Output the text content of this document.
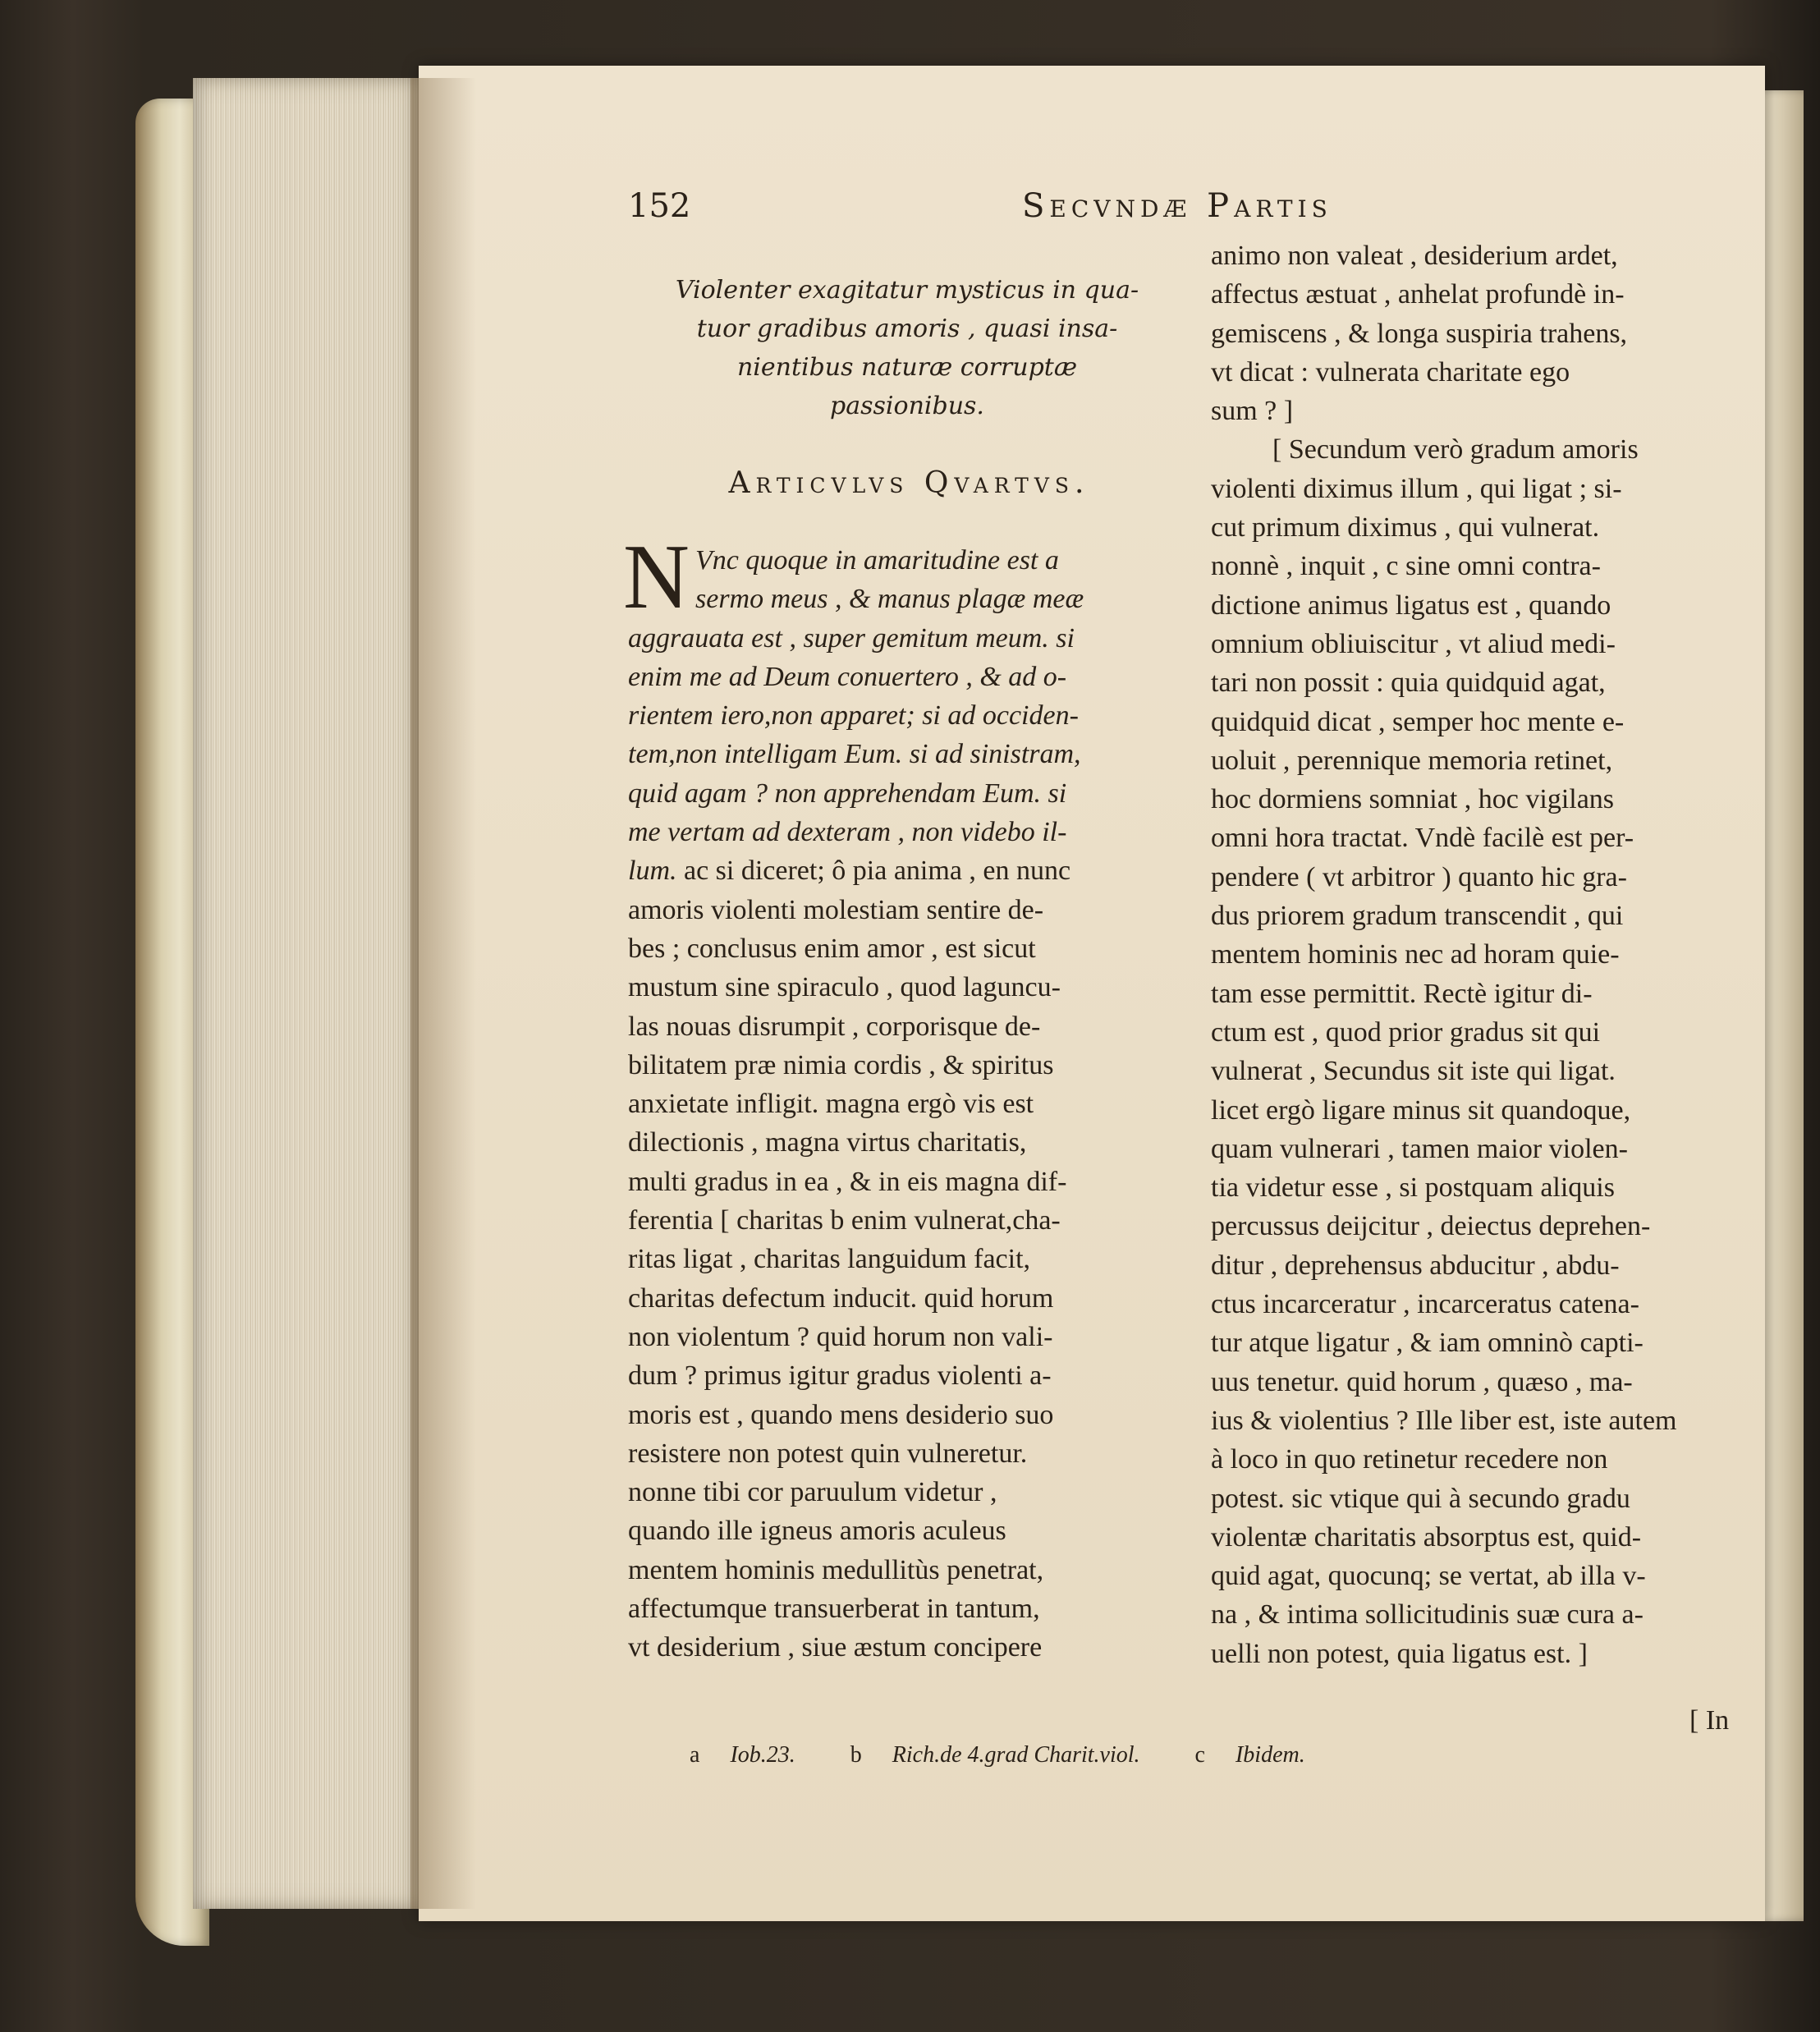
152	Secvndæ Partis
Violenter exagitatur mysticus in qua-
tuor gradibus amoris , quasi insa-
nientibus naturæ corruptæ
passionibus.
Articvlvs Qvartvs.
N Vnc quoque in amaritudine est a
sermo meus , & manus plagæ meæ
aggrauata est , super gemitum meum. si
enim me ad Deum conuertero , & ad o-
rientem iero,non apparet; si ad occiden-
tem,non intelligam Eum. si ad sinistram,
quid agam ? non apprehendam Eum. si
me vertam ad dexteram , non videbo il-
lum. ac si diceret; ô pia anima , en nunc
amoris violenti molestiam sentire de-
bes ; conclusus enim amor , est sicut
mustum sine spiraculo , quod laguncu-
las nouas disrumpit , corporisque de-
bilitatem præ nimia cordis , & spiritus
anxietate infligit. magna ergò vis est
dilectionis , magna virtus charitatis,
multi gradus in ea , & in eis magna dif-
ferentia [ charitas b enim vulnerat,cha-
ritas ligat , charitas languidum facit,
charitas defectum inducit. quid horum
non violentum ? quid horum non vali-
dum ? primus igitur gradus violenti a-
moris est , quando mens desiderio suo
resistere non potest quin vulneretur.
nonne tibi cor paruulum videtur ,
quando ille igneus amoris aculeus
mentem hominis medullitùs penetrat,
affectumque transuerberat in tantum,
vt desiderium , siue æstum concipere
animo non valeat , desiderium ardet,
affectus æstuat , anhelat profundè in-
gemiscens , & longa suspiria trahens,
vt dicat : vulnerata charitate ego
sum ? ]
[ Secundum verò gradum amoris
violenti diximus illum , qui ligat ; si-
cut primum diximus , qui vulnerat.
nonnè , inquit , c sine omni contra-
dictione animus ligatus est , quando
omnium obliuiscitur , vt aliud medi-
tari non possit : quia quidquid agat,
quidquid dicat , semper hoc mente e-
uoluit , perennique memoria retinet,
hoc dormiens somniat , hoc vigilans
omni hora tractat. Vndè facilè est per-
pendere ( vt arbitror ) quanto hic gra-
dus priorem gradum transcendit , qui
mentem hominis nec ad horam quie-
tam esse permittit. Rectè igitur di-
ctum est , quod prior gradus sit qui
vulnerat , Secundus sit iste qui ligat.
licet ergò ligare minus sit quandoque,
quam vulnerari , tamen maior violen-
tia videtur esse , si postquam aliquis
percussus deijcitur , deiectus deprehen-
ditur , deprehensus abducitur , abdu-
ctus incarceratur , incarceratus catena-
tur atque ligatur , & iam omninò capti-
uus tenetur. quid horum , quæso , ma-
ius & violentius ? Ille liber est, iste autem
à loco in quo retinetur recedere non
potest. sic vtique qui à secundo gradu
violentæ charitatis absorptus est, quid-
quid agat, quocunq; se vertat, ab illa v-
na , & intima sollicitudinis suæ cura a-
uelli non potest, quia ligatus est. ]
[ In
a Iob.23. b Rich.de 4.grad Charit.viol. c Ibidem.
